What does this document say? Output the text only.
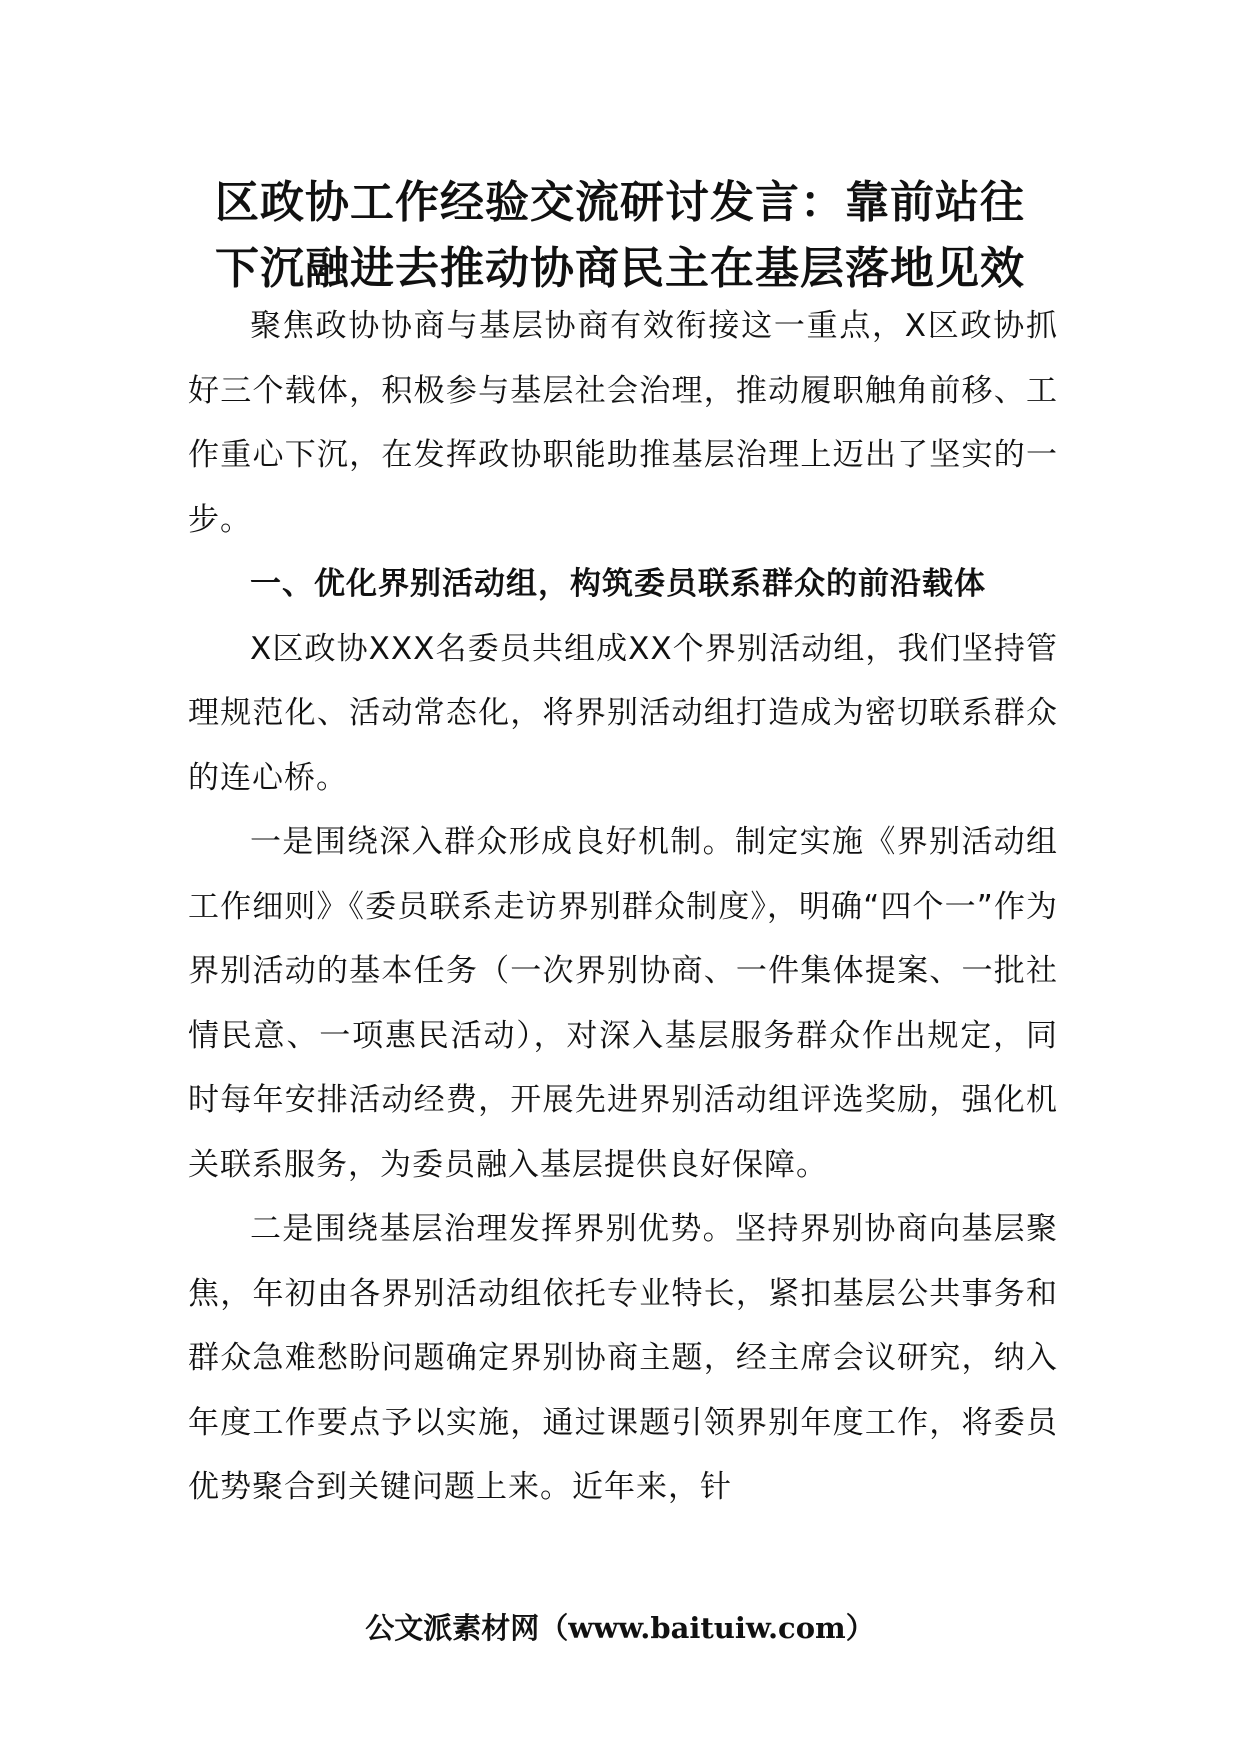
区政协工作经验交流研讨发言：靠前站往
下沉融进去推动协商民主在基层落地见效

聚焦政协协商与基层协商有效衔接这一重点，X区政协抓好三个载体，积极参与基层社会治理，推动履职触角前移、工作重心下沉，在发挥政协职能助推基层治理上迈出了坚实的一步。

一、优化界别活动组，构筑委员联系群众的前沿载体

X区政协XXX名委员共组成XX个界别活动组，我们坚持管理规范化、活动常态化，将界别活动组打造成为密切联系群众的连心桥。

一是围绕深入群众形成良好机制。制定实施《界别活动组工作细则》《委员联系走访界别群众制度》，明确“四个一”作为界别活动的基本任务（一次界别协商、一件集体提案、一批社情民意、一项惠民活动），对深入基层服务群众作出规定，同时每年安排活动经费，开展先进界别活动组评选奖励，强化机关联系服务，为委员融入基层提供良好保障。

二是围绕基层治理发挥界别优势。坚持界别协商向基层聚焦，年初由各界别活动组依托专业特长，紧扣基层公共事务和群众急难愁盼问题确定界别协商主题，经主席会议研究，纳入年度工作要点予以实施，通过课题引领界别年度工作，将委员优势聚合到关键问题上来。近年来，针

公文派素材网（www.baituiw.com）
